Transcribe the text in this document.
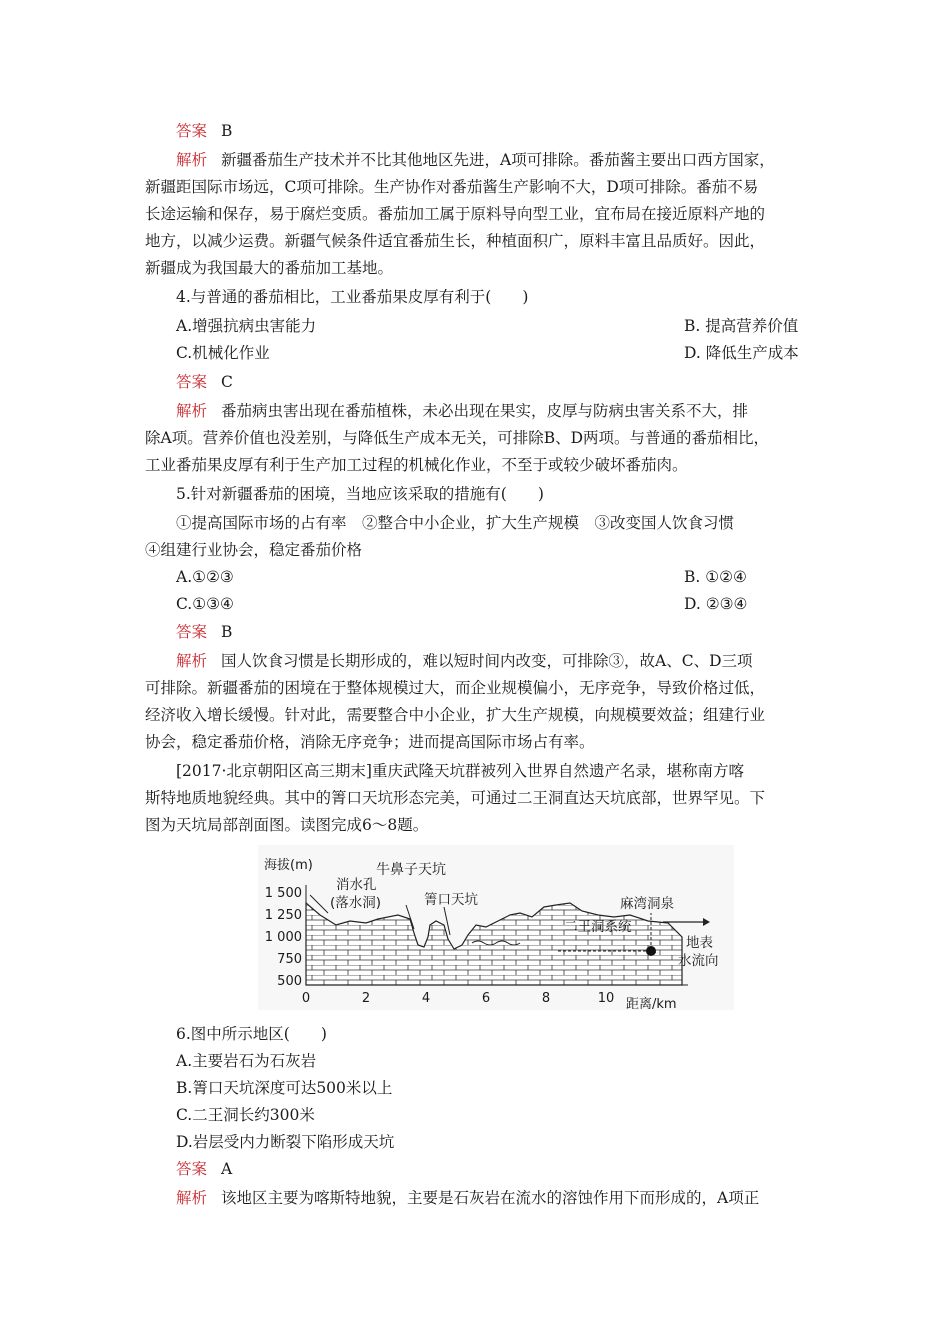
答案 B
解析 新疆番茄生产技术并不比其他地区先进，A项可排除。番茄酱主要出口西方国家，
新疆距国际市场远，C项可排除。生产协作对番茄酱生产影响不大，D项可排除。番茄不易
长途运输和保存，易于腐烂变质。番茄加工属于原料导向型工业，宜布局在接近原料产地的
地方，以减少运费。新疆气候条件适宜番茄生长，种植面积广，原料丰富且品质好。因此，
新疆成为我国最大的番茄加工基地。
4.与普通的番茄相比，工业番茄果皮厚有利于(　　)
A.增强抗病虫害能力	B. 提高营养价值
C.机械化作业	D. 降低生产成本
答案 C
解析 番茄病虫害出现在番茄植株，未必出现在果实，皮厚与防病虫害关系不大，排
除A项。营养价值也没差别，与降低生产成本无关，可排除B、D两项。与普通的番茄相比，
工业番茄果皮厚有利于生产加工过程的机械化作业，不至于或较少破坏番茄肉。
5.针对新疆番茄的困境，当地应该采取的措施有(　　)
①提高国际市场的占有率　②整合中小企业，扩大生产规模　③改变国人饮食习惯
④组建行业协会，稳定番茄价格
A.①②③	B. ①②④
C.①③④	D. ②③④
答案 B
解析 国人饮食习惯是长期形成的，难以短时间内改变，可排除③，故A、C、D三项
可排除。新疆番茄的困境在于整体规模过大，而企业规模偏小，无序竞争，导致价格过低，
经济收入增长缓慢。针对此，需要整合中小企业，扩大生产规模，向规模要效益；组建行业
协会，稳定番茄价格，消除无序竞争；进而提高国际市场占有率。
[2017·北京朝阳区高三期末]重庆武隆天坑群被列入世界自然遗产名录，堪称南方喀
斯特地质地貌经典。其中的箐口天坑形态完美，可通过二王洞直达天坑底部，世界罕见。下
图为天坑局部剖面图。读图完成6～8题。
1 500
1 250
1 000
750
500
0	2	4	6	8	10
海拔(m)	牛鼻子天坑
消水孔
(落水洞)	箐口天坑	麻湾洞泉
二王洞系统
地表
水流向
距离/km
6.图中所示地区(　　)
A.主要岩石为石灰岩
B.箐口天坑深度可达500米以上
C.二王洞长约300米
D.岩层受内力断裂下陷形成天坑
答案 A
解析 该地区主要为喀斯特地貌，主要是石灰岩在流水的溶蚀作用下而形成的，A项正
